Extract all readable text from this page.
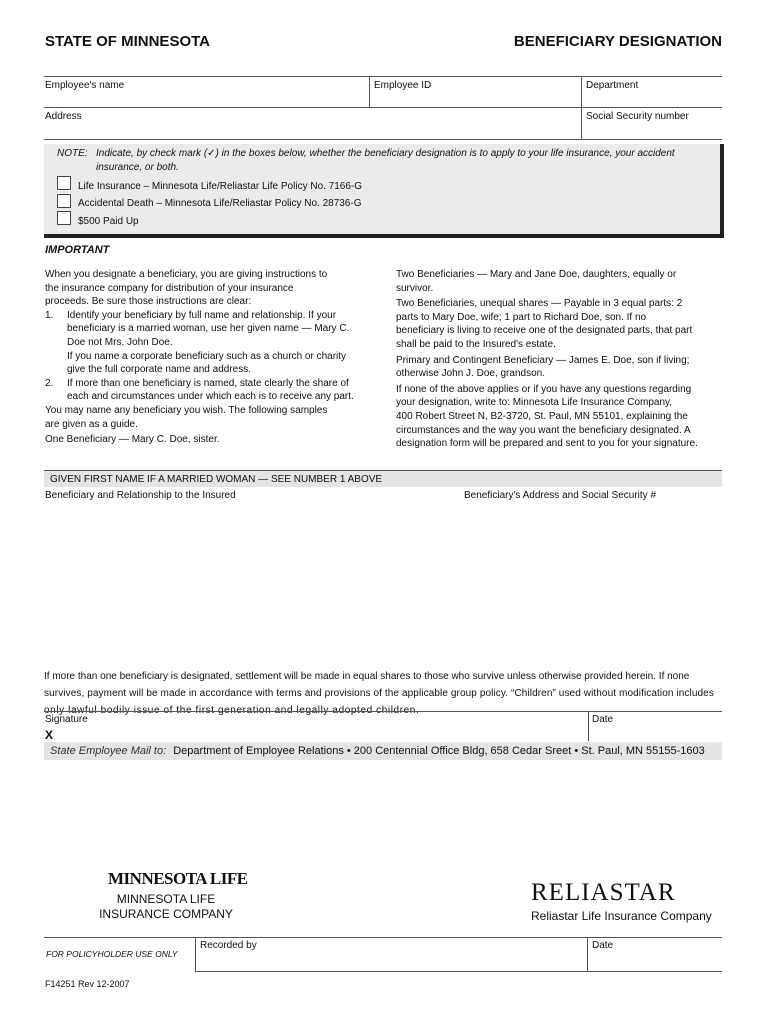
STATE OF MINNESOTA	BENEFICIARY DESIGNATION
Employee's name	Employee ID	Department
Address	Social Security number
NOTE: Indicate, by check mark (✓) in the boxes below, whether the beneficiary designation is to apply to your life insurance, your accident
insurance, or both.
Life Insurance – Minnesota Life/Reliastar Life Policy No. 7166-G
Accidental Death – Minnesota Life/Reliastar Policy No. 28736-G
$500 Paid Up
IMPORTANT

When you designate a beneficiary, you are giving instructions to

the insurance company for distribution of your insurance

proceeds. Be sure those instructions are clear:

1. Identify your beneficiary by full name and relationship. If your

beneficiary is a married woman, use her given name — Mary C.

Doe not Mrs. John Doe.

If you name a corporate beneficiary such as a church or charity

give the full corporate name and address.

2. If more than one beneficiary is named, state clearly the share of

each and circumstances under which each is to receive any part.

You may name any beneficiary you wish. The following samples

are given as a guide.

One Beneficiary — Mary C. Doe, sister.

Two Beneficiaries — Mary and Jane Doe, daughters, equally or

survivor.

Two Beneficiaries, unequal shares — Payable in 3 equal parts: 2

parts to Mary Doe, wife; 1 part to Richard Doe, son. If no

beneficiary is living to receive one of the designated parts, that part

shall be paid to the Insured's estate.

Primary and Contingent Beneficiary — James E. Doe, son if living;

otherwise John J. Doe, grandson.

If none of the above applies or if you have any questions regarding

your designation, write to: Minnesota Life Insurance Company,

400 Robert Street N, B2-3720, St. Paul, MN 55101, explaining the

circumstances and the way you want the beneficiary designated. A

designation form will be prepared and sent to you for your signature.

GIVEN FIRST NAME IF A MARRIED WOMAN — SEE NUMBER 1 ABOVE
Beneficiary and Relationship to the Insured	Beneficiary's Address and Social Security #
If more than one beneficiary is designated, settlement will be made in equal shares to those who survive unless otherwise provided herein. If none
survives, payment will be made in accordance with terms and provisions of the applicable group policy. “Children” used without modification includes
only lawful bodily issue of the first generation and legally adopted children.
Signature	Date
X
State Employee Mail to: Department of Employee Relations • 200 Centennial Office Bldg, 658 Cedar Sreet • St. Paul, MN 55155-1603
MINNESOTA LIFE
MINNESOTA LIFE
INSURANCE COMPANY
RELIASTAR
Reliastar Life Insurance Company
FOR POLICYHOLDER USE ONLY
Recorded by	Date
F14251 Rev 12-2007
